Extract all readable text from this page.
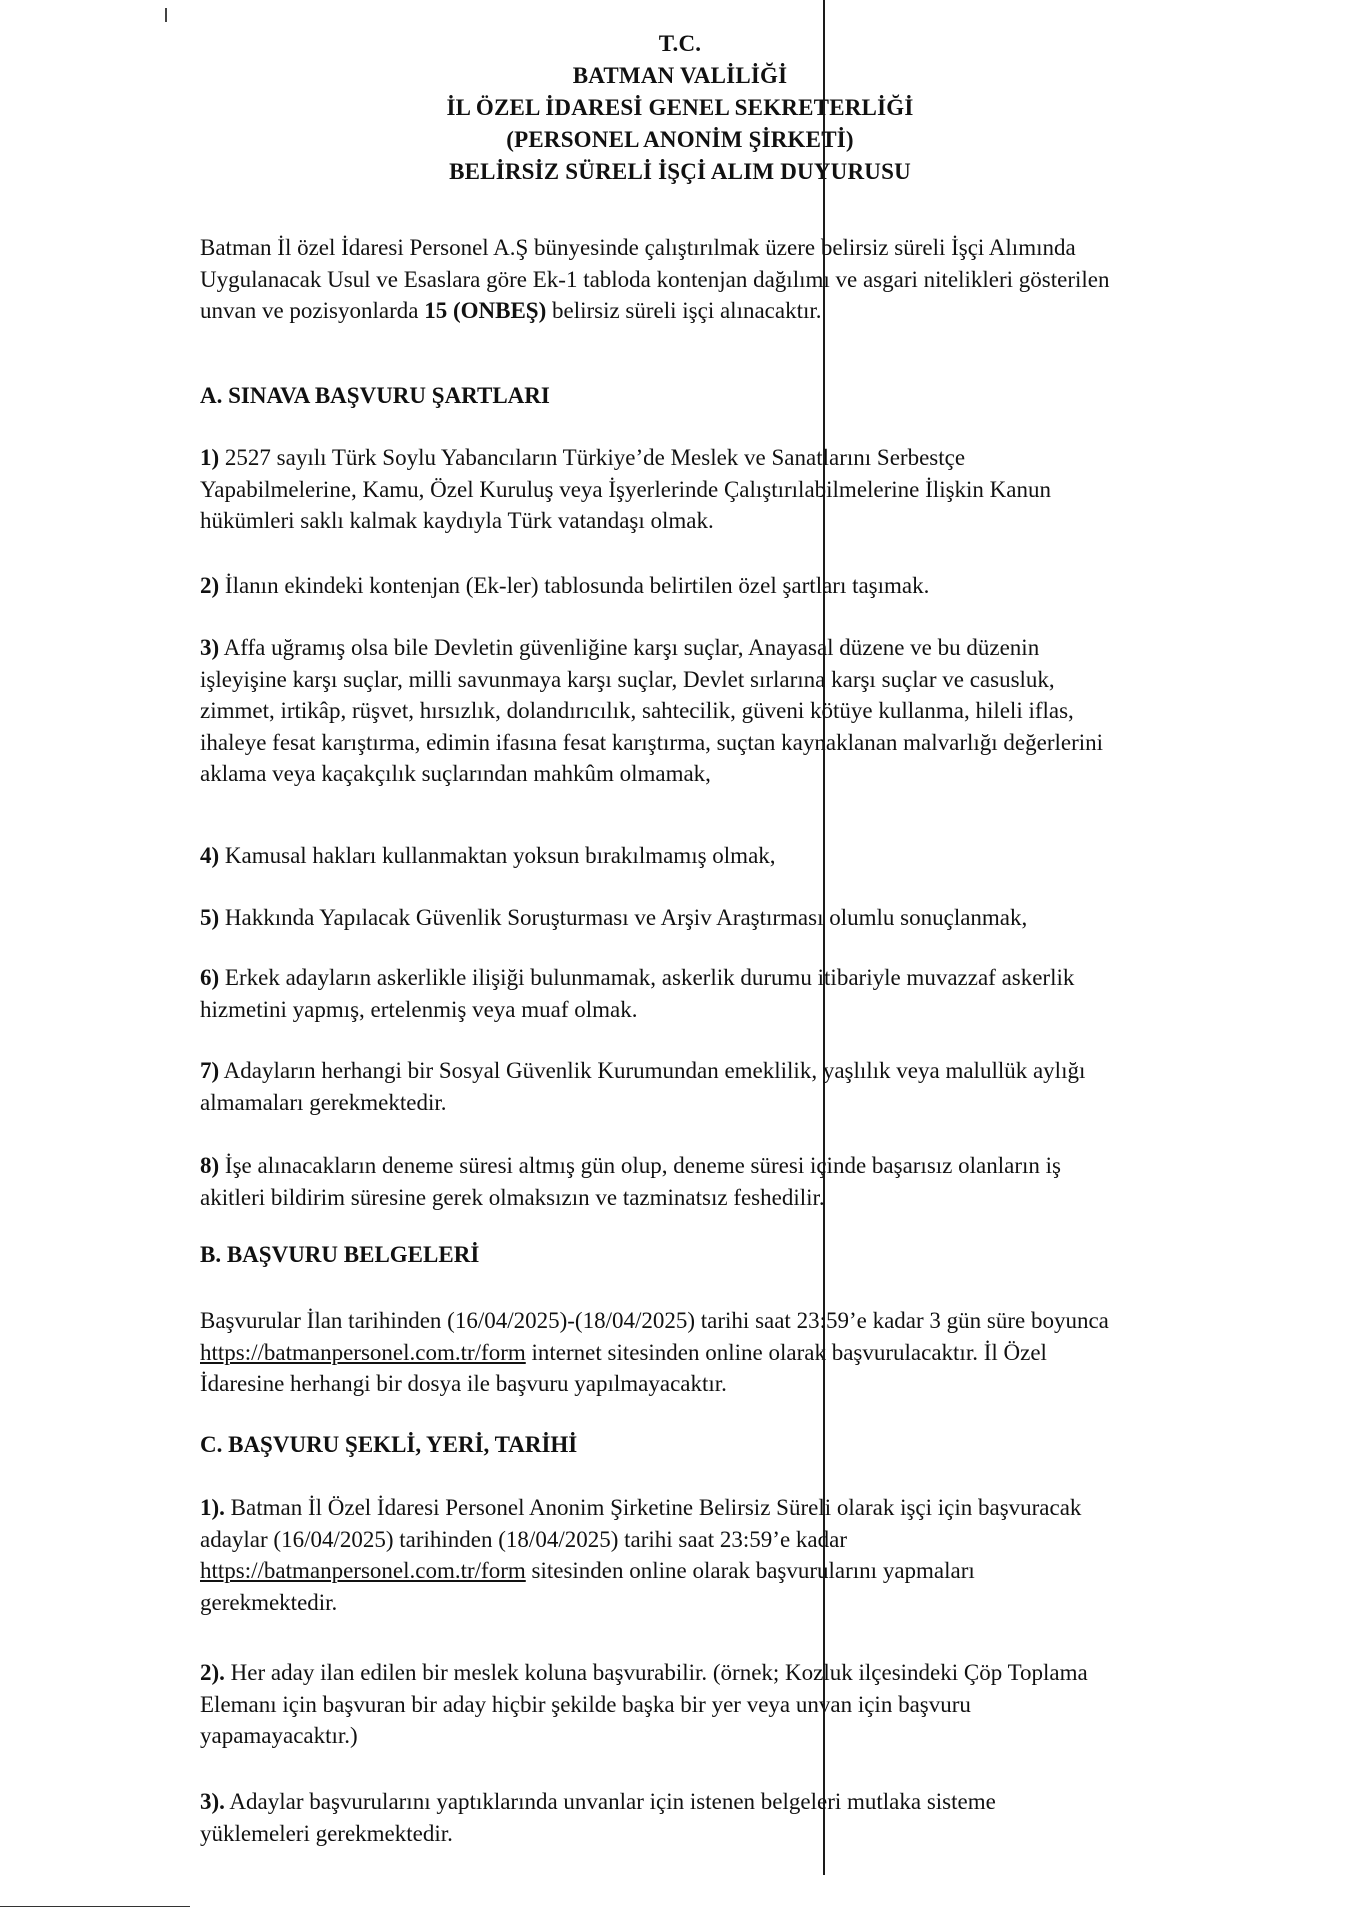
T.C.
BATMAN VALİLİĞİ
İL ÖZEL İDARESİ GENEL SEKRETERLİĞİ
(PERSONEL ANONİM ŞİRKETİ)
BELİRSİZ SÜRELİ İŞÇİ ALIM DUYURUSU
Batman İl özel İdaresi Personel A.Ş bünyesinde çalıştırılmak üzere belirsiz süreli İşçi Alımında
Uygulanacak Usul ve Esaslara göre Ek-1 tabloda kontenjan dağılımı ve asgari nitelikleri gösterilen
unvan ve pozisyonlarda 15 (ONBEŞ) belirsiz süreli işçi alınacaktır.
A. SINAVA BAŞVURU ŞARTLARI
1) 2527 sayılı Türk Soylu Yabancıların Türkiye’de Meslek ve Sanatlarını Serbestçe
Yapabilmelerine, Kamu, Özel Kuruluş veya İşyerlerinde Çalıştırılabilmelerine İlişkin Kanun
hükümleri saklı kalmak kaydıyla Türk vatandaşı olmak.
2) İlanın ekindeki kontenjan (Ek-ler) tablosunda belirtilen özel şartları taşımak.
3) Affa uğramış olsa bile Devletin güvenliğine karşı suçlar, Anayasal düzene ve bu düzenin
işleyişine karşı suçlar, milli savunmaya karşı suçlar, Devlet sırlarına karşı suçlar ve casusluk,
zimmet, irtikâp, rüşvet, hırsızlık, dolandırıcılık, sahtecilik, güveni kötüye kullanma, hileli iflas,
ihaleye fesat karıştırma, edimin ifasına fesat karıştırma, suçtan kaynaklanan malvarlığı değerlerini
aklama veya kaçakçılık suçlarından mahkûm olmamak,
4) Kamusal hakları kullanmaktan yoksun bırakılmamış olmak,
5) Hakkında Yapılacak Güvenlik Soruşturması ve Arşiv Araştırması olumlu sonuçlanmak,
6) Erkek adayların askerlikle ilişiği bulunmamak, askerlik durumu itibariyle muvazzaf askerlik
hizmetini yapmış, ertelenmiş veya muaf olmak.
7) Adayların herhangi bir Sosyal Güvenlik Kurumundan emeklilik, yaşlılık veya malullük aylığı
almamaları gerekmektedir.
8) İşe alınacakların deneme süresi altmış gün olup, deneme süresi içinde başarısız olanların iş
akitleri bildirim süresine gerek olmaksızın ve tazminatsız feshedilir.
B. BAŞVURU BELGELERİ
Başvurular İlan tarihinden (16/04/2025)-(18/04/2025) tarihi saat 23:59’e kadar 3 gün süre boyunca
https://batmanpersonel.com.tr/form internet sitesinden online olarak başvurulacaktır. İl Özel
İdaresine herhangi bir dosya ile başvuru yapılmayacaktır.
C. BAŞVURU ŞEKLİ, YERİ, TARİHİ
1). Batman İl Özel İdaresi Personel Anonim Şirketine Belirsiz Süreli olarak işçi için başvuracak
adaylar (16/04/2025) tarihinden (18/04/2025) tarihi saat 23:59’e kadar
https://batmanpersonel.com.tr/form sitesinden online olarak başvurularını yapmaları
gerekmektedir.
2). Her aday ilan edilen bir meslek koluna başvurabilir. (örnek; Kozluk ilçesindeki Çöp Toplama
Elemanı için başvuran bir aday hiçbir şekilde başka bir yer veya unvan için başvuru
yapamayacaktır.)
3). Adaylar başvurularını yaptıklarında unvanlar için istenen belgeleri mutlaka sisteme
yüklemeleri gerekmektedir.
